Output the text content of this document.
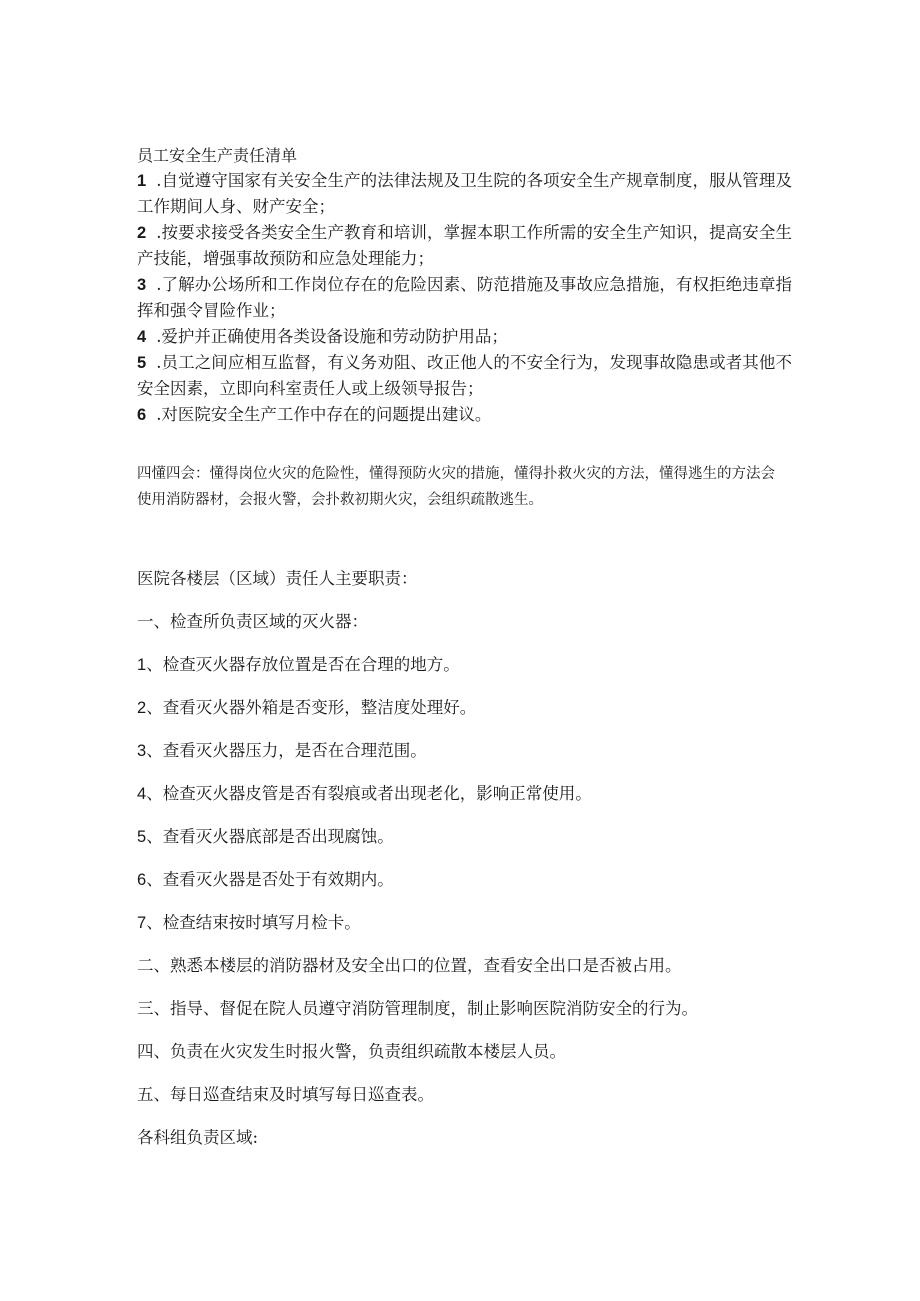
员工安全生产责任清单
1 .自觉遵守国家有关安全生产的法律法规及卫生院的各项安全生产规章制度，服从管理及工作期间人身、财产安全；
2 .按要求接受各类安全生产教育和培训，掌握本职工作所需的安全生产知识，提高安全生产技能，增强事故预防和应急处理能力；
3 .了解办公场所和工作岗位存在的危险因素、防范措施及事故应急措施，有权拒绝违章指挥和强令冒险作业；
4 .爱护并正确使用各类设备设施和劳动防护用品；
5 .员工之间应相互监督，有义务劝阻、改正他人的不安全行为，发现事故隐患或者其他不安全因素，立即向科室责任人或上级领导报告；
6 .对医院安全生产工作中存在的问题提出建议。
四懂四会：懂得岗位火灾的危险性，懂得预防火灾的措施，懂得扑救火灾的方法，懂得逃生的方法会使用消防器材，会报火警，会扑救初期火灾，会组织疏散逃生。
医院各楼层（区域）责任人主要职责：
一、检查所负责区域的灭火器：
1、检查灭火器存放位置是否在合理的地方。
2、查看灭火器外箱是否变形，整洁度处理好。
3、查看灭火器压力，是否在合理范围。
4、检查灭火器皮管是否有裂痕或者出现老化，影响正常使用。
5、查看灭火器底部是否出现腐蚀。
6、查看灭火器是否处于有效期内。
7、检查结束按时填写月检卡。
二、熟悉本楼层的消防器材及安全出口的位置，查看安全出口是否被占用。
三、指导、督促在院人员遵守消防管理制度，制止影响医院消防安全的行为。
四、负责在火灾发生时报火警，负责组织疏散本楼层人员。
五、每日巡查结束及时填写每日巡查表。
各科组负责区域:
